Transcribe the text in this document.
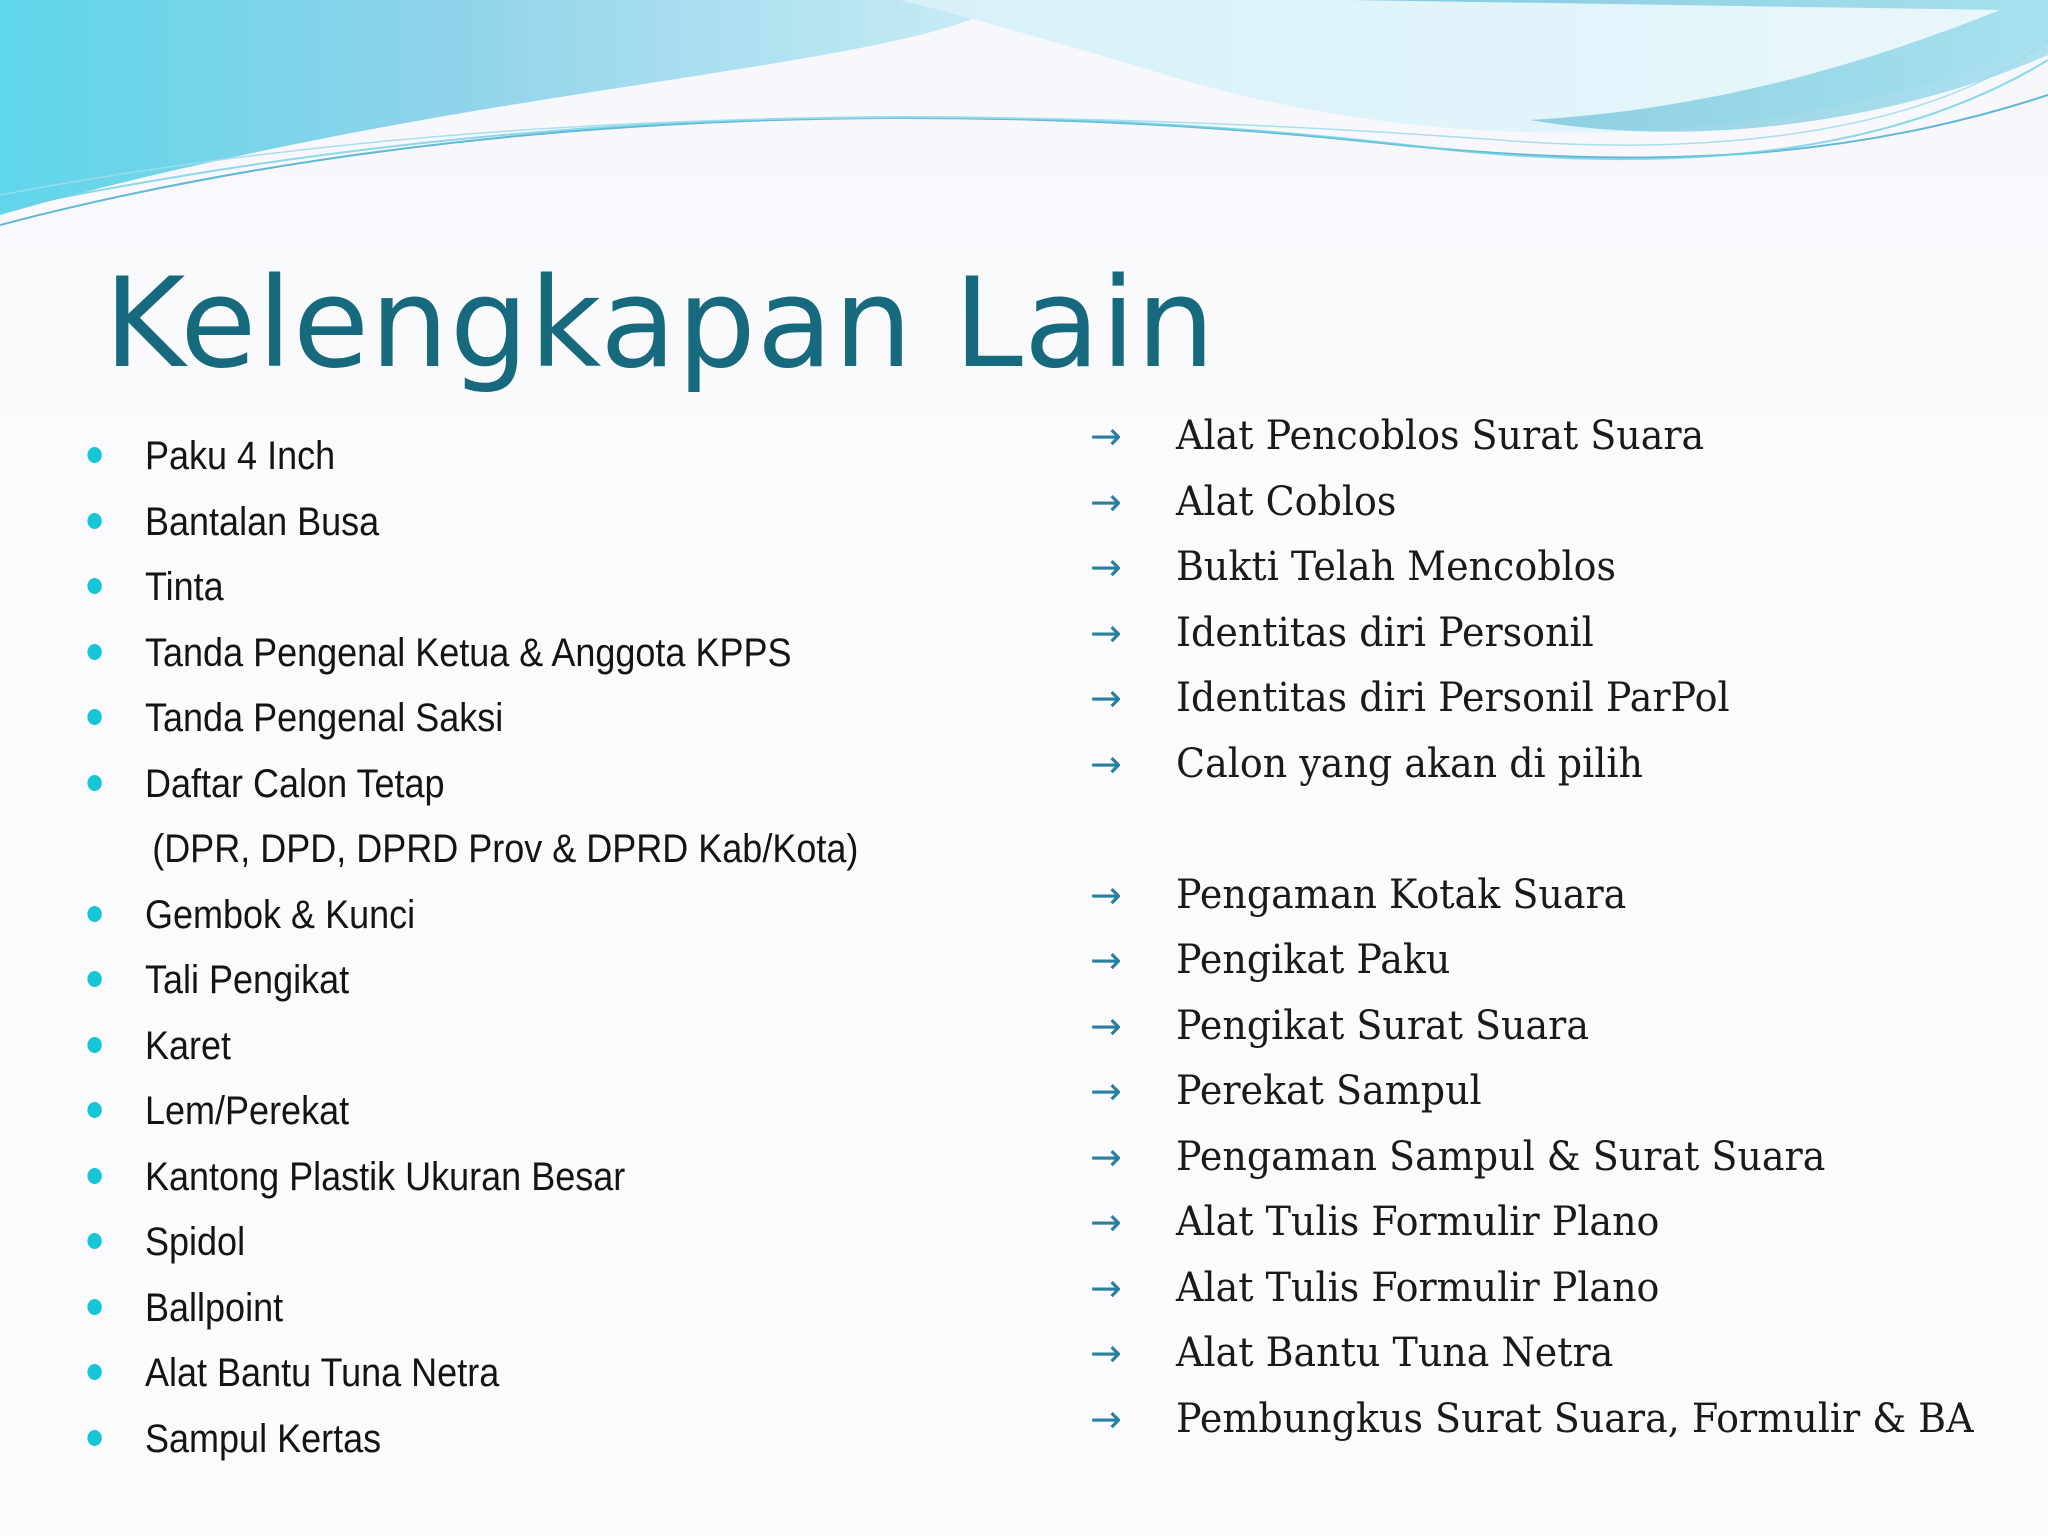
Kelengkapan Lain
Paku 4 Inch
Bantalan Busa
Tinta
Tanda Pengenal Ketua & Anggota KPPS
Tanda Pengenal Saksi
Daftar Calon Tetap
(DPR, DPD, DPRD Prov & DPRD Kab/Kota)
Gembok & Kunci
Tali Pengikat
Karet
Lem/Perekat
Kantong Plastik Ukuran Besar
Spidol
Ballpoint
Alat Bantu Tuna Netra
Sampul Kertas
→ Alat Pencoblos Surat Suara
→ Alat Coblos
→ Bukti Telah Mencoblos
→ Identitas diri Personil
→ Identitas diri Personil ParPol
→ Calon yang akan di pilih
→ Pengaman Kotak Suara
→ Pengikat Paku
→ Pengikat Surat Suara
→ Perekat Sampul
→ Pengaman Sampul & Surat Suara
→ Alat Tulis Formulir Plano
→ Alat Tulis Formulir Plano
→ Alat Bantu Tuna Netra
→ Pembungkus Surat Suara, Formulir & BA
